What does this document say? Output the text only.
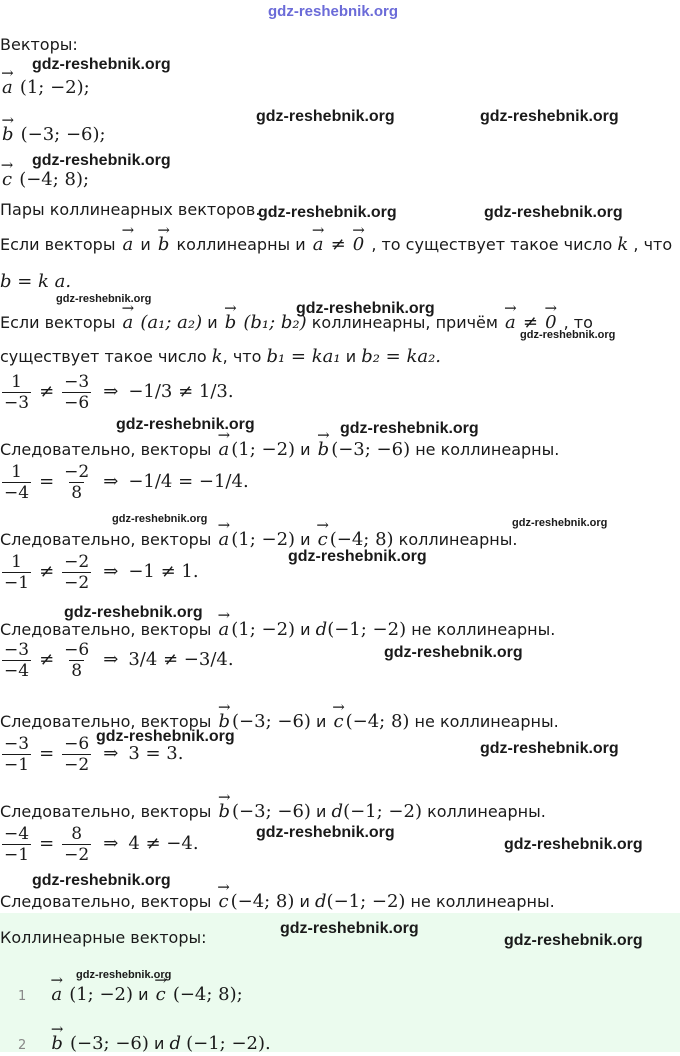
gdz-reshebnik.org
Векторы:
→ a (1; −2);
→ b (−3; −6);
→ c (−4; 8);
Пары коллинеарных векторов.
Если векторы → a и → b коллинеарны и → a ≠ → 0 , то существует такое число k , что
b = k a.
Если векторы → a (a₁; a₂) и → b (b₁; b₂) коллинеарны, причём → a ≠ → 0 , то
существует такое число k, что b₁ = ka₁ и b₂ = ka₂.
$\frac{1}{-3} \ne \frac{-3}{-6}$ ⇒ −1/3 ≠ 1/3.
Следовательно, векторы → a (1; −2) и → b (−3; −6) не коллинеарны.
$\frac{1}{-4} = \frac{-2}{8}$ ⇒ −1/4 = −1/4.
Следовательно, векторы → a (1; −2) и → c (−4; 8) коллинеарны.
$\frac{1}{-1} \ne \frac{-2}{-2}$ ⇒ −1 ≠ 1.
Следовательно, векторы → a (1; −2) и d(−1; −2) не коллинеарны.
$\frac{-3}{-4} \ne \frac{-6}{8}$ ⇒ 3/4 ≠ −3/4.
Следовательно, векторы → b (−3; −6) и → c (−4; 8) не коллинеарны.
$\frac{-3}{-1} = \frac{-6}{-2}$ ⇒ 3 = 3.
Следовательно, векторы → b (−3; −6) и d(−1; −2) коллинеарны.
$\frac{-4}{-1} = \frac{8}{-2}$ ⇒ 4 ≠ −4.
Следовательно, векторы → c (−4; 8) и d(−1; −2) не коллинеарны.
Коллинеарные векторы:
1 → a (1; −2) и → c (−4; 8);
2 → b (−3; −6) и d (−1; −2).
gdz-reshebnik.org
gdz-reshebnik.org	gdz-reshebnik.org
gdz-reshebnik.org
gdz-reshebnik.org	gdz-reshebnik.org
gdz-reshebnik.org
gdz-reshebnik.org
gdz-reshebnik.org
gdz-reshebnik.org	gdz-reshebnik.org
gdz-reshebnik.org	gdz-reshebnik.org
gdz-reshebnik.org
gdz-reshebnik.org
gdz-reshebnik.org
gdz-reshebnik.org
gdz-reshebnik.org
gdz-reshebnik.org
gdz-reshebnik.org
gdz-reshebnik.org
gdz-reshebnik.org
gdz-reshebnik.org
gdz-reshebnik.org
